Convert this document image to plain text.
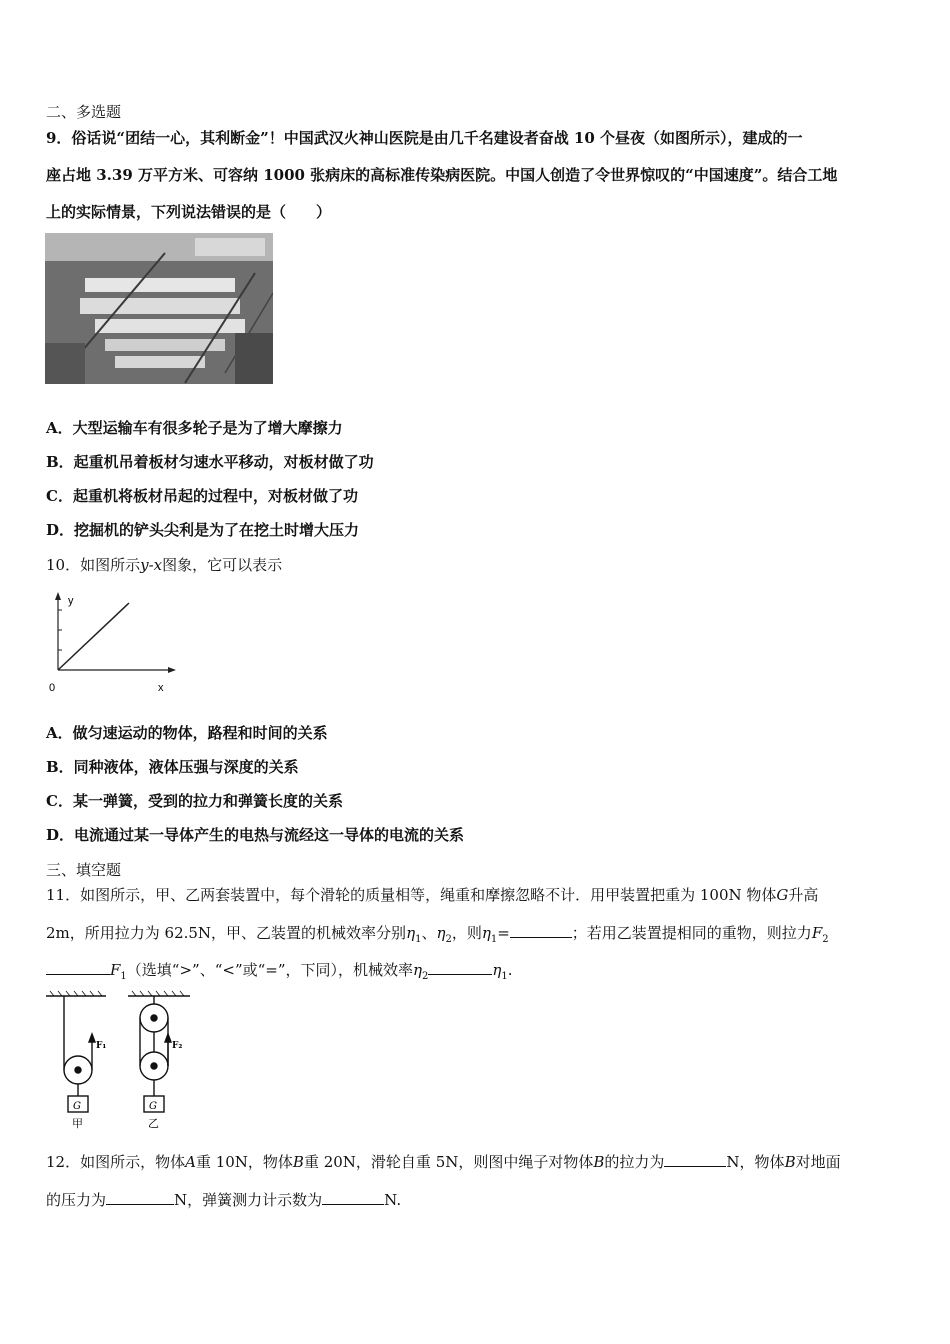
二、多选题
9．俗话说“团结一心，其利断金”！中国武汉火神山医院是由几千名建设者奋战 10 个昼夜（如图所示），建成的一
座占地 3.39 万平方米、可容纳 1000 张病床的高标准传染病医院。中国人创造了令世界惊叹的“中国速度”。结合工地
上的实际情景，下列说法错误的是（　　）
A．大型运输车有很多轮子是为了增大摩擦力
B．起重机吊着板材匀速水平移动，对板材做了功
C．起重机将板材吊起的过程中，对板材做了功
D．挖掘机的铲头尖利是为了在挖土时增大压力
10．如图所示y-x图象，它可以表示
y
x
0
A．做匀速运动的物体，路程和时间的关系
B．同种液体，液体压强与深度的关系
C．某一弹簧，受到的拉力和弹簧长度的关系
D．电流通过某一导体产生的电热与流经这一导体的电流的关系
三、填空题
11．如图所示，甲、乙两套装置中，每个滑轮的质量相等，绳重和摩擦忽略不计．用甲装置把重为 100N 物体G升高
2m，所用拉力为 62.5N，甲、乙装置的机械效率分别$\eta_1$、$\eta_2$，则$\eta_1=$	；若用乙装置提相同的重物，则拉力$F_2$
$F_1$（选填“>”、“<”或“=”，下同），机械效率$\eta_2$	$\eta_1$.
G	G
F₁	F₂
甲	乙
12．如图所示，物体A重 10N，物体B重 20N，滑轮自重 5N，则图中绳子对物体B的拉力为	N，物体B对地面
的压力为	N，弹簧测力计示数为	N.
